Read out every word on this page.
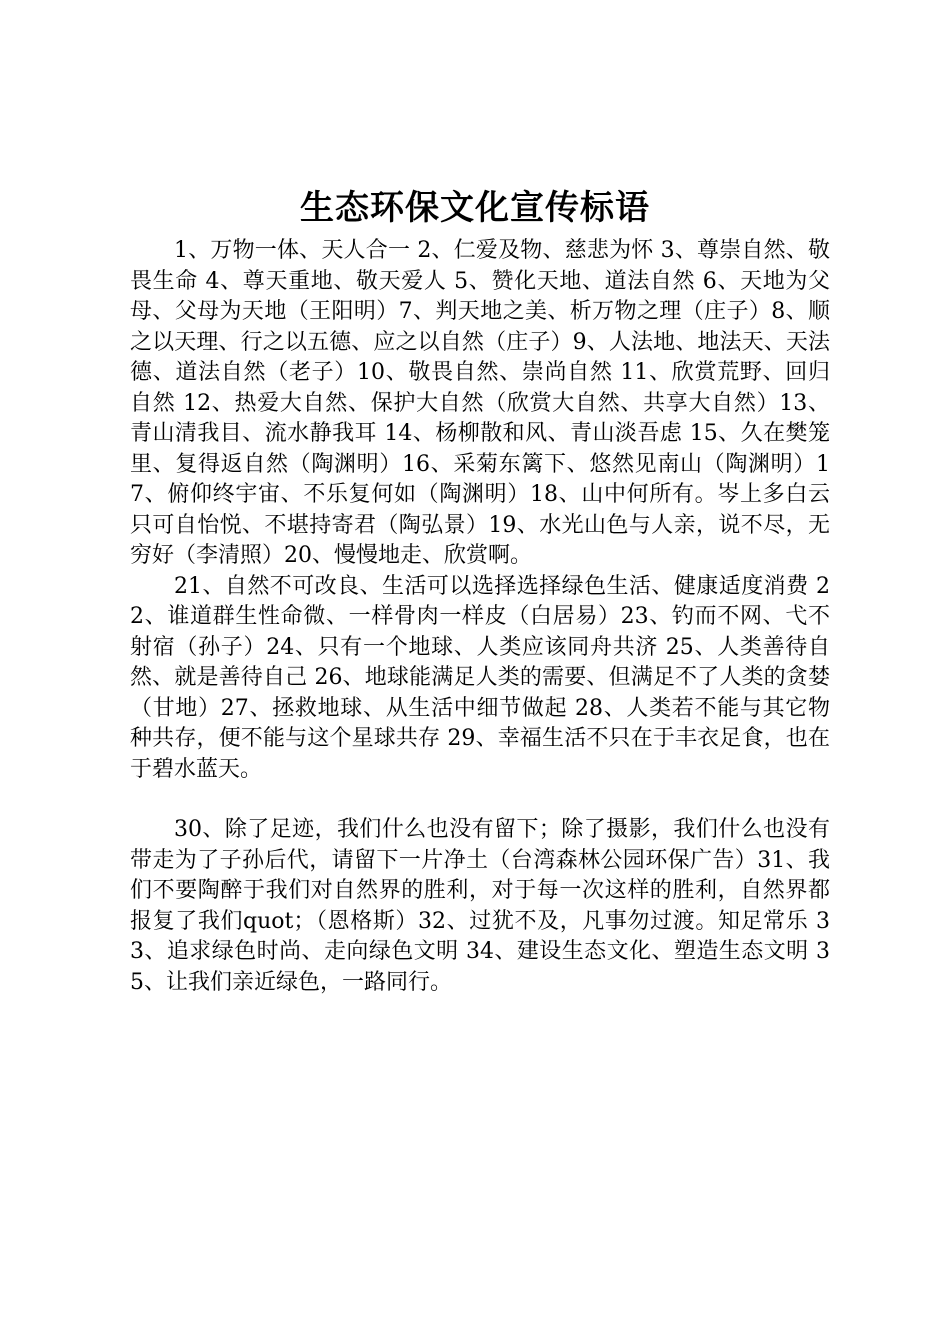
生态环保文化宣传标语

1、万物一体、天人合一 2、仁爱及物、慈悲为怀 3、尊崇自然、敬畏生命 4、尊天重地、敬天爱人 5、赞化天地、道法自然 6、天地为父母、父母为天地（王阳明）7、判天地之美、析万物之理（庄子）8、顺之以天理、行之以五德、应之以自然（庄子）9、人法地、地法天、天法德、道法自然（老子）10、敬畏自然、崇尚自然 11、欣赏荒野、回归自然 12、热爱大自然、保护大自然（欣赏大自然、共享大自然）13、青山清我目、流水静我耳 14、杨柳散和风、青山淡吾虑 15、久在樊笼里、复得返自然（陶渊明）16、采菊东篱下、悠然见南山（陶渊明）17、俯仰终宇宙、不乐复何如（陶渊明）18、山中何所有。岑上多白云只可自怡悦、不堪持寄君（陶弘景）19、水光山色与人亲，说不尽，无穷好（李清照）20、慢慢地走、欣赏啊。

21、自然不可改良、生活可以选择选择绿色生活、健康适度消费 22、谁道群生性命微、一样骨肉一样皮（白居易）23、钓而不网、弋不射宿（孙子）24、只有一个地球、人类应该同舟共济 25、人类善待自然、就是善待自己 26、地球能满足人类的需要、但满足不了人类的贪婪（甘地）27、拯救地球、从生活中细节做起 28、人类若不能与其它物种共存，便不能与这个星球共存 29、幸福生活不只在于丰衣足食，也在于碧水蓝天。

30、除了足迹，我们什么也没有留下；除了摄影，我们什么也没有带走为了子孙后代，请留下一片净土（台湾森林公园环保广告）31、我们不要陶醉于我们对自然界的胜利，对于每一次这样的胜利，自然界都报复了我们quot；（恩格斯）32、过犹不及，凡事勿过渡。知足常乐 33、追求绿色时尚、走向绿色文明 34、建设生态文化、塑造生态文明 35、让我们亲近绿色，一路同行。
